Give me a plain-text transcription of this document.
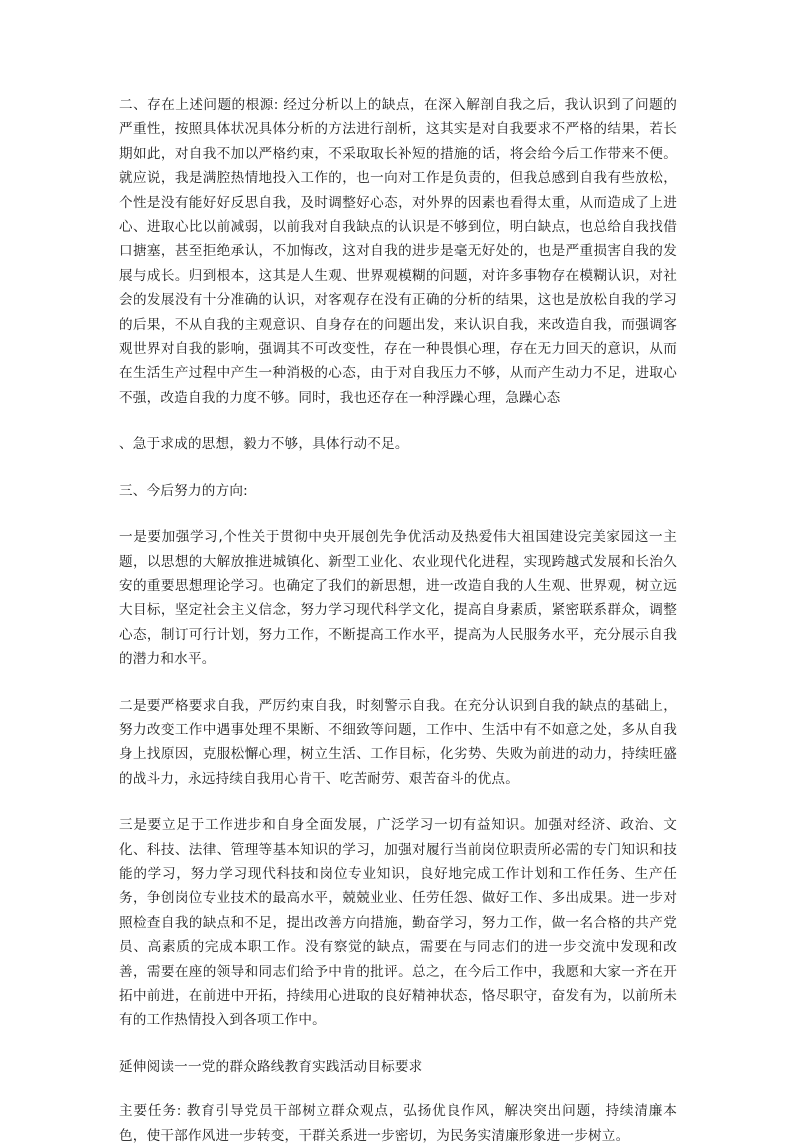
二、存在上述问题的根源: 经过分析以上的缺点，在深入解剖自我之后，我认识到了问题的严重性，按照具体状况具体分析的方法进行剖析，这其实是对自我要求不严格的结果，若长期如此，对自我不加以严格约束，不采取取长补短的措施的话，将会给今后工作带来不便。就应说，我是满腔热情地投入工作的，也一向对工作是负责的，但我总感到自我有些放松，个性是没有能好好反思自我，及时调整好心态，对外界的因素也看得太重，从而造成了上进心、进取心比以前减弱，以前我对自我缺点的认识是不够到位，明白缺点，也总给自我找借口搪塞，甚至拒绝承认，不加悔改，这对自我的进步是毫无好处的，也是严重损害自我的发展与成长。归到根本，这其是人生观、世界观模糊的问题，对许多事物存在模糊认识，对社会的发展没有十分准确的认识，对客观存在没有正确的分析的结果，这也是放松自我的学习的后果，不从自我的主观意识、自身存在的问题出发，来认识自我，来改造自我，而强调客观世界对自我的影响，强调其不可改变性，存在一种畏惧心理，存在无力回天的意识，从而在生活生产过程中产生一种消极的心态，由于对自我压力不够，从而产生动力不足，进取心不强，改造自我的力度不够。同时，我也还存在一种浮躁心理，急躁心态

、急于求成的思想，毅力不够，具体行动不足。

三、今后努力的方向:

一是要加强学习,个性关于贯彻中央开展创先争优活动及热爱伟大祖国建设完美家园这一主题，以思想的大解放推进城镇化、新型工业化、农业现代化进程，实现跨越式发展和长治久安的重要思想理论学习。也确定了我们的新思想，进一改造自我的人生观、世界观，树立远大目标，坚定社会主义信念，努力学习现代科学文化，提高自身素质，紧密联系群众，调整心态，制订可行计划，努力工作，不断提高工作水平，提高为人民服务水平，充分展示自我的潜力和水平。

二是要严格要求自我，严厉约束自我，时刻警示自我。在充分认识到自我的缺点的基础上，努力改变工作中遇事处理不果断、不细致等问题，工作中、生活中有不如意之处，多从自我身上找原因，克服松懈心理，树立生活、工作目标，化劣势、失败为前进的动力，持续旺盛的战斗力，永远持续自我用心肯干、吃苦耐劳、艰苦奋斗的优点。

三是要立足于工作进步和自身全面发展，广泛学习一切有益知识。加强对经济、政治、文化、科技、法律、管理等基本知识的学习，加强对履行当前岗位职责所必需的专门知识和技能的学习，努力学习现代科技和岗位专业知识，良好地完成工作计划和工作任务、生产任务，争创岗位专业技术的最高水平，兢兢业业、任劳任怨、做好工作、多出成果。进一步对照检查自我的缺点和不足，提出改善方向措施，勤奋学习，努力工作，做一名合格的共产党员、高素质的完成本职工作。没有察觉的缺点，需要在与同志们的进一步交流中发现和改善，需要在座的领导和同志们给予中肯的批评。总之，在今后工作中，我愿和大家一齐在开拓中前进，在前进中开拓，持续用心进取的良好精神状态，恪尽职守，奋发有为，以前所未有的工作热情投入到各项工作中。

延伸阅读一一党的群众路线教育实践活动目标要求

主要任务: 教育引导党员干部树立群众观点，弘扬优良作风，解决突出问题，持续清廉本色，使干部作风进一步转变，干群关系进一步密切，为民务实清廉形象进一步树立。
